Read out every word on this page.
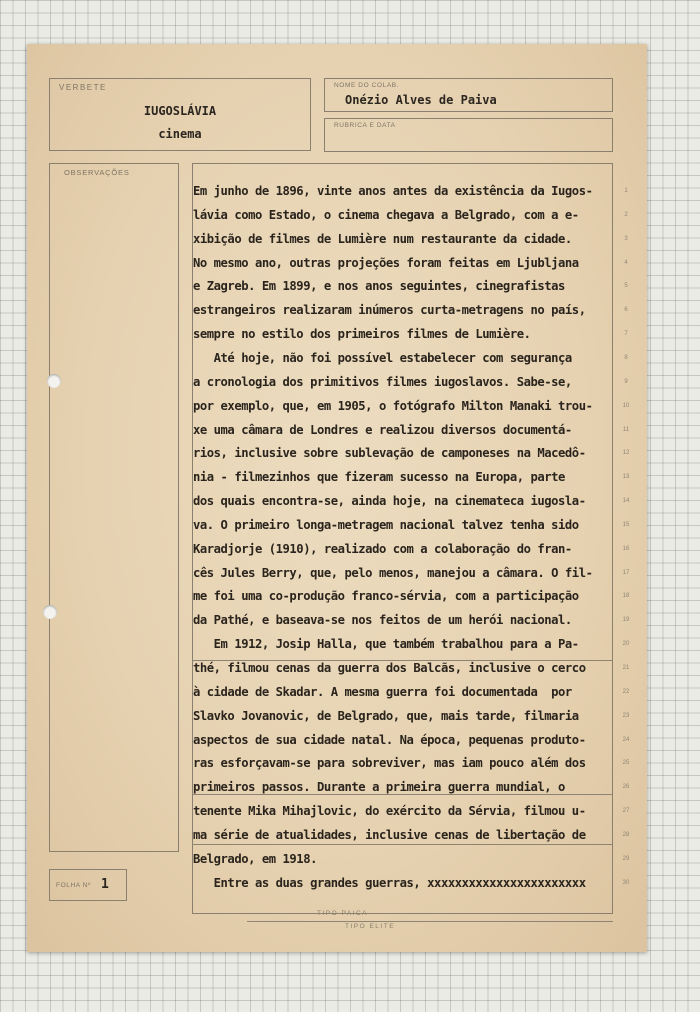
VERBETE
IUGOSLÁVIA
cinema
NOME DO COLAB.
Onézio Alves de Paiva
RUBRICA E DATA
OBSERVAÇÕES
FOLHA Nº 1
TIPO PAICA
TIPO ELITE
Em junho de 1896, vinte anos antes da existência da Iugos-
lávia como Estado, o cinema chegava a Belgrado, com a e-
xibição de filmes de Lumière num restaurante da cidade.
No mesmo ano, outras projeções foram feitas em Ljubljana
e Zagreb. Em 1899, e nos anos seguintes, cinegrafistas
estrangeiros realizaram inúmeros curta-metragens no país,
sempre no estilo dos primeiros filmes de Lumière.
Até hoje, não foi possível estabelecer com segurança
a cronologia dos primitivos filmes iugoslavos. Sabe-se,
por exemplo, que, em 1905, o fotógrafo Milton Manaki trou-
xe uma câmara de Londres e realizou diversos documentá-
rios, inclusive sobre sublevação de camponeses na Macedô-
nia - filmezinhos que fizeram sucesso na Europa, parte
dos quais encontra-se, ainda hoje, na cinemateca iugosla-
va. O primeiro longa-metragem nacional talvez tenha sido
Karadjorje (1910), realizado com a colaboração do fran-
cês Jules Berry, que, pelo menos, manejou a câmara. O fil-
me foi uma co-produção franco-sérvia, com a participação
da Pathé, e baseava-se nos feitos de um herói nacional.
Em 1912, Josip Halla, que também trabalhou para a Pa-
thé, filmou cenas da guerra dos Balcãs, inclusive o cerco
à cidade de Skadar. A mesma guerra foi documentada  por
Slavko Jovanovic, de Belgrado, que, mais tarde, filmaria
aspectos de sua cidade natal. Na época, pequenas produto-
ras esforçavam-se para sobreviver, mas iam pouco além dos
primeiros passos. Durante a primeira guerra mundial, o
tenente Mika Mihajlovic, do exército da Sérvia, filmou u-
ma série de atualidades, inclusive cenas de libertação de
Belgrado, em 1918.
Entre as duas grandes guerras, xxxxxxxxxxxxxxxxxxxxxxx
1
2
3
4
5
6
7
8
9
10
11
12
13
14
15
16
17
18
19
20
21
22
23
24
25
26
27
28
29
30
